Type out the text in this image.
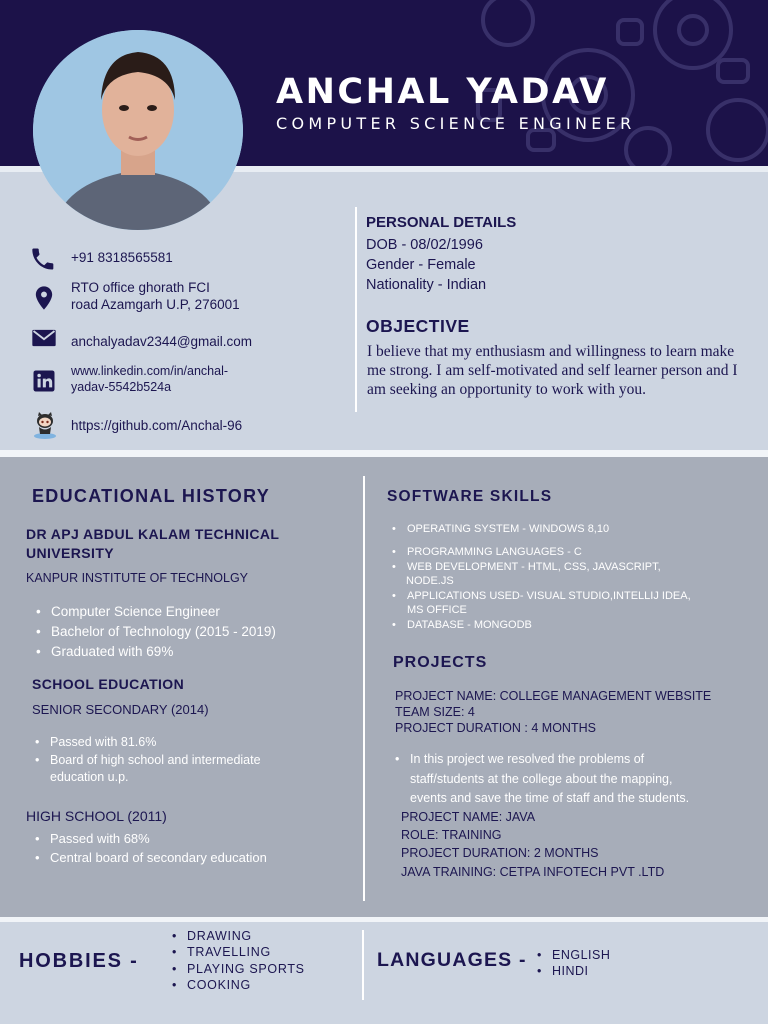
ANCHAL YADAV
COMPUTER SCIENCE ENGINEER
+91 8318565581
RTO office ghorath FCI
road Azamgarh U.P, 276001
anchalyadav2344@gmail.com
www.linkedin.com/in/anchal-
yadav-5542b524a
https://github.com/Anchal-96
PERSONAL DETAILS
DOB - 08/02/1996
Gender - Female
Nationality - Indian
OBJECTIVE

I believe that my enthusiasm and willingness to learn make me strong. I am self-motivated and self learner person and I am seeking an opportunity to work with you.

EDUCATIONAL HISTORY
DR APJ ABDUL KALAM TECHNICAL
UNIVERSITY
KANPUR INSTITUTE OF TECHNOLGY
• Computer Science Engineer
• Bachelor of Technology (2015 - 2019)
• Graduated with 69%
SCHOOL EDUCATION
SENIOR SECONDARY (2014)
• Passed with 81.6%
• Board of high school and intermediate
education u.p.
HIGH SCHOOL (2011)
• Passed with 68%
• Central board of secondary education
SOFTWARE SKILLS
• OPERATING SYSTEM - WINDOWS 8,10
• PROGRAMMING LANGUAGES - C
• WEB DEVELOPMENT - HTML, CSS, JAVASCRIPT,
NODE.JS
• APPLICATIONS USED- VISUAL STUDIO,INTELLIJ IDEA,
MS OFFICE
• DATABASE - MONGODB
PROJECTS
PROJECT NAME: COLLEGE MANAGEMENT WEBSITE
TEAM SIZE: 4
PROJECT DURATION : 4 MONTHS
• In this project we resolved the problems of
staff/students at the college about the mapping,
events and save the time of staff and the students.
PROJECT NAME: JAVA
ROLE: TRAINING
PROJECT DURATION: 2 MONTHS
JAVA TRAINING: CETPA INFOTECH PVT .LTD
HOBBIES -
• DRAWING
• TRAVELLING
• PLAYING SPORTS
• COOKING
LANGUAGES -
•	ENGLISH
• HINDI
